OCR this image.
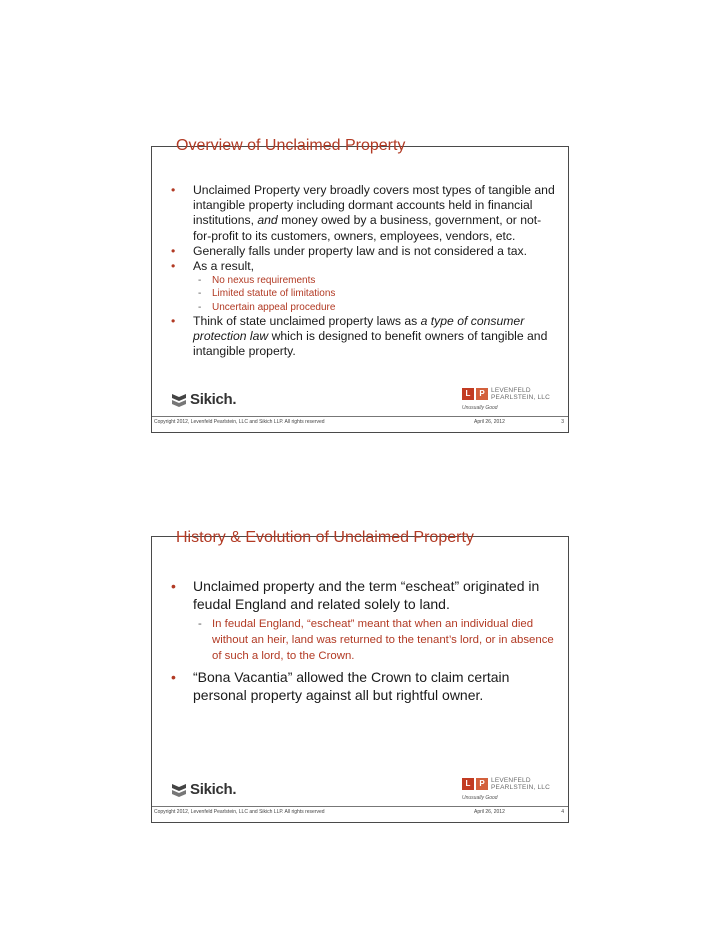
Overview of Unclaimed Property
• Unclaimed Property very broadly covers most types of tangible and intangible property including dormant accounts held in financial institutions, and money owed by a business, government, or not-for-profit to its customers, owners, employees, vendors, etc.
• Generally falls under property law and is not considered a tax.
• As a result,
- No nexus requirements
- Limited statute of limitations
- Uncertain appeal procedure
• Think of state unclaimed property laws as a type of consumer protection law which is designed to benefit owners of tangible and intangible property.
Sikich.	L	P LEVENFELD
PEARLSTEIN, LLC
Unusually Good
Copyright 2012, Levenfeld Pearlstein, LLC and Sikich LLP. All rights reserved	April 26, 2012	3
History & Evolution of Unclaimed Property
• Unclaimed property and the term “escheat” originated in feudal England and related solely to land.
- In feudal England, “escheat” meant that when an individual died without an heir, land was returned to the tenant’s lord, or in absence of such a lord, to the Crown.
• “Bona Vacantia” allowed the Crown to claim certain personal property against all but rightful owner.
Sikich.	L	P LEVENFELD
PEARLSTEIN, LLC
Unusually Good
Copyright 2012, Levenfeld Pearlstein, LLC and Sikich LLP. All rights reserved	April 26, 2012	4
